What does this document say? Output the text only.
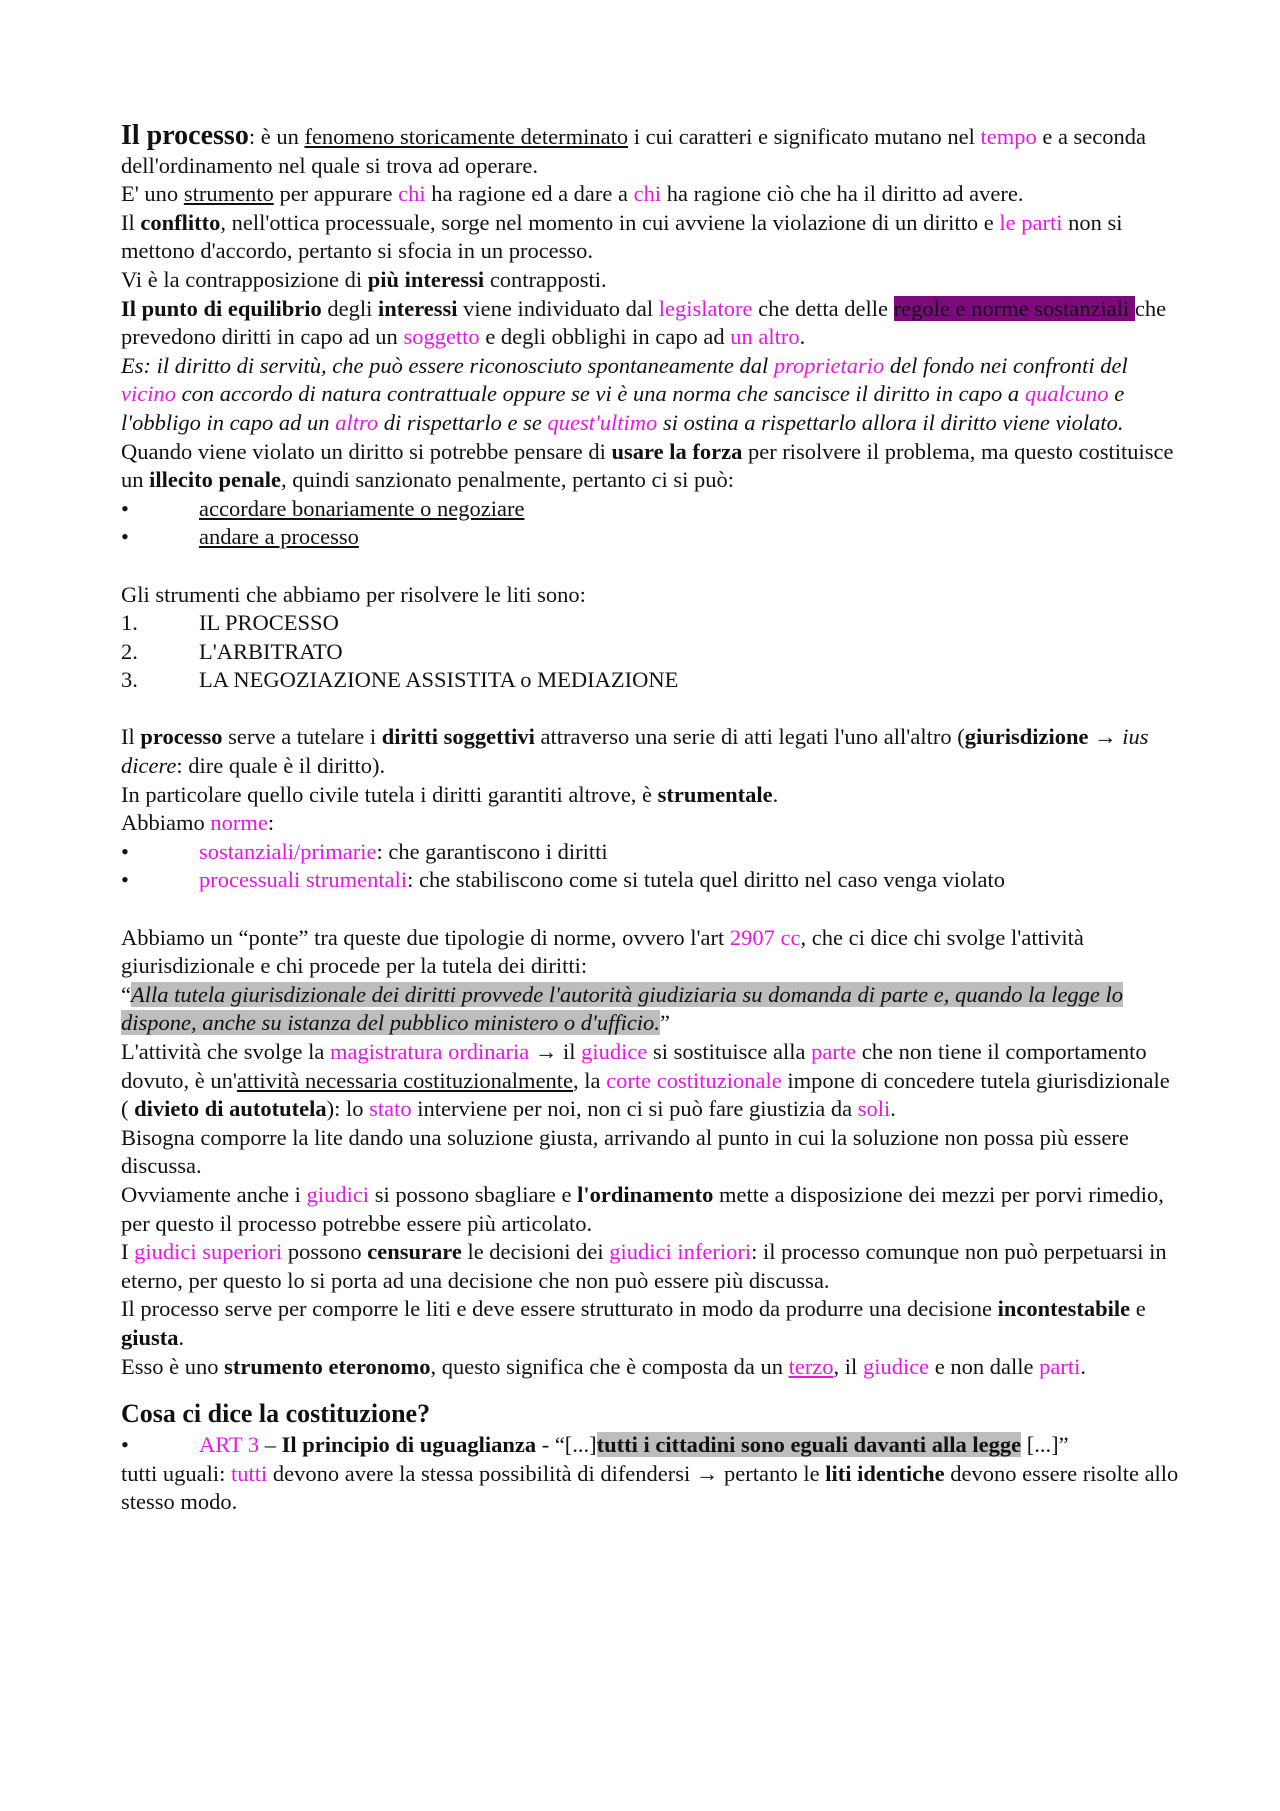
Il processo: è un fenomeno storicamente determinato i cui caratteri e significato mutano nel tempo e a seconda dell'ordinamento nel quale si trova ad operare.

E' uno strumento per appurare chi ha ragione ed a dare a chi ha ragione ciò che ha il diritto ad avere.

Il conflitto, nell'ottica processuale, sorge nel momento in cui avviene la violazione di un diritto e le parti non si mettono d'accordo, pertanto si sfocia in un processo.

Vi è la contrapposizione di più interessi contrapposti.

Il punto di equilibrio degli interessi viene individuato dal legislatore che detta delle regole e norme sostanziali che prevedono diritti in capo ad un soggetto e degli obblighi in capo ad un altro.

Es: il diritto di servitù, che può essere riconosciuto spontaneamente dal proprietario del fondo nei confronti del vicino con accordo di natura contrattuale oppure se vi è una norma che sancisce il diritto in capo a qualcuno e l'obbligo in capo ad un altro di rispettarlo e se quest'ultimo si ostina a rispettarlo allora il diritto viene violato.

Quando viene violato un diritto si potrebbe pensare di usare la forza per risolvere il problema, ma questo costituisce un illecito penale, quindi sanzionato penalmente, pertanto ci si può:

•	accordare bonariamente o negoziare
•	andare a processo

Gli strumenti che abbiamo per risolvere le liti sono:

1.	IL PROCESSO
2.	L'ARBITRATO
3.	LA NEGOZIAZIONE ASSISTITA o MEDIAZIONE

Il processo serve a tutelare i diritti soggettivi attraverso una serie di atti legati l'uno all'altro (giurisdizione → ius dicere: dire quale è il diritto).

In particolare quello civile tutela i diritti garantiti altrove, è strumentale.

Abbiamo norme:

•	sostanziali/primarie: che garantiscono i diritti
•	processuali strumentali: che stabiliscono come si tutela quel diritto nel caso venga violato

Abbiamo un “ponte” tra queste due tipologie di norme, ovvero l'art 2907 cc, che ci dice chi svolge l'attività giurisdizionale e chi procede per la tutela dei diritti:

“Alla tutela giurisdizionale dei diritti provvede l'autorità giudiziaria su domanda di parte e, quando la legge lo dispone, anche su istanza del pubblico ministero o d'ufficio.”

L'attività che svolge la magistratura ordinaria → il giudice si sostituisce alla parte che non tiene il comportamento dovuto, è un'attività necessaria costituzionalmente, la corte costituzionale impone di concedere tutela giurisdizionale ( divieto di autotutela): lo stato interviene per noi, non ci si può fare giustizia da soli.

Bisogna comporre la lite dando una soluzione giusta, arrivando al punto in cui la soluzione non possa più essere discussa.

Ovviamente anche i giudici si possono sbagliare e l'ordinamento mette a disposizione dei mezzi per porvi rimedio, per questo il processo potrebbe essere più articolato.

I giudici superiori possono censurare le decisioni dei giudici inferiori: il processo comunque non può perpetuarsi in eterno, per questo lo si porta ad una decisione che non può essere più discussa.

Il processo serve per comporre le liti e deve essere strutturato in modo da produrre una decisione incontestabile e giusta.

Esso è uno strumento eteronomo, questo significa che è composta da un terzo, il giudice e non dalle parti.

Cosa ci dice la costituzione?

•	ART 3 – Il principio di uguaglianza - “[...]tutti i cittadini sono eguali davanti alla legge [...]”

tutti uguali: tutti devono avere la stessa possibilità di difendersi → pertanto le liti identiche devono essere risolte allo stesso modo.
